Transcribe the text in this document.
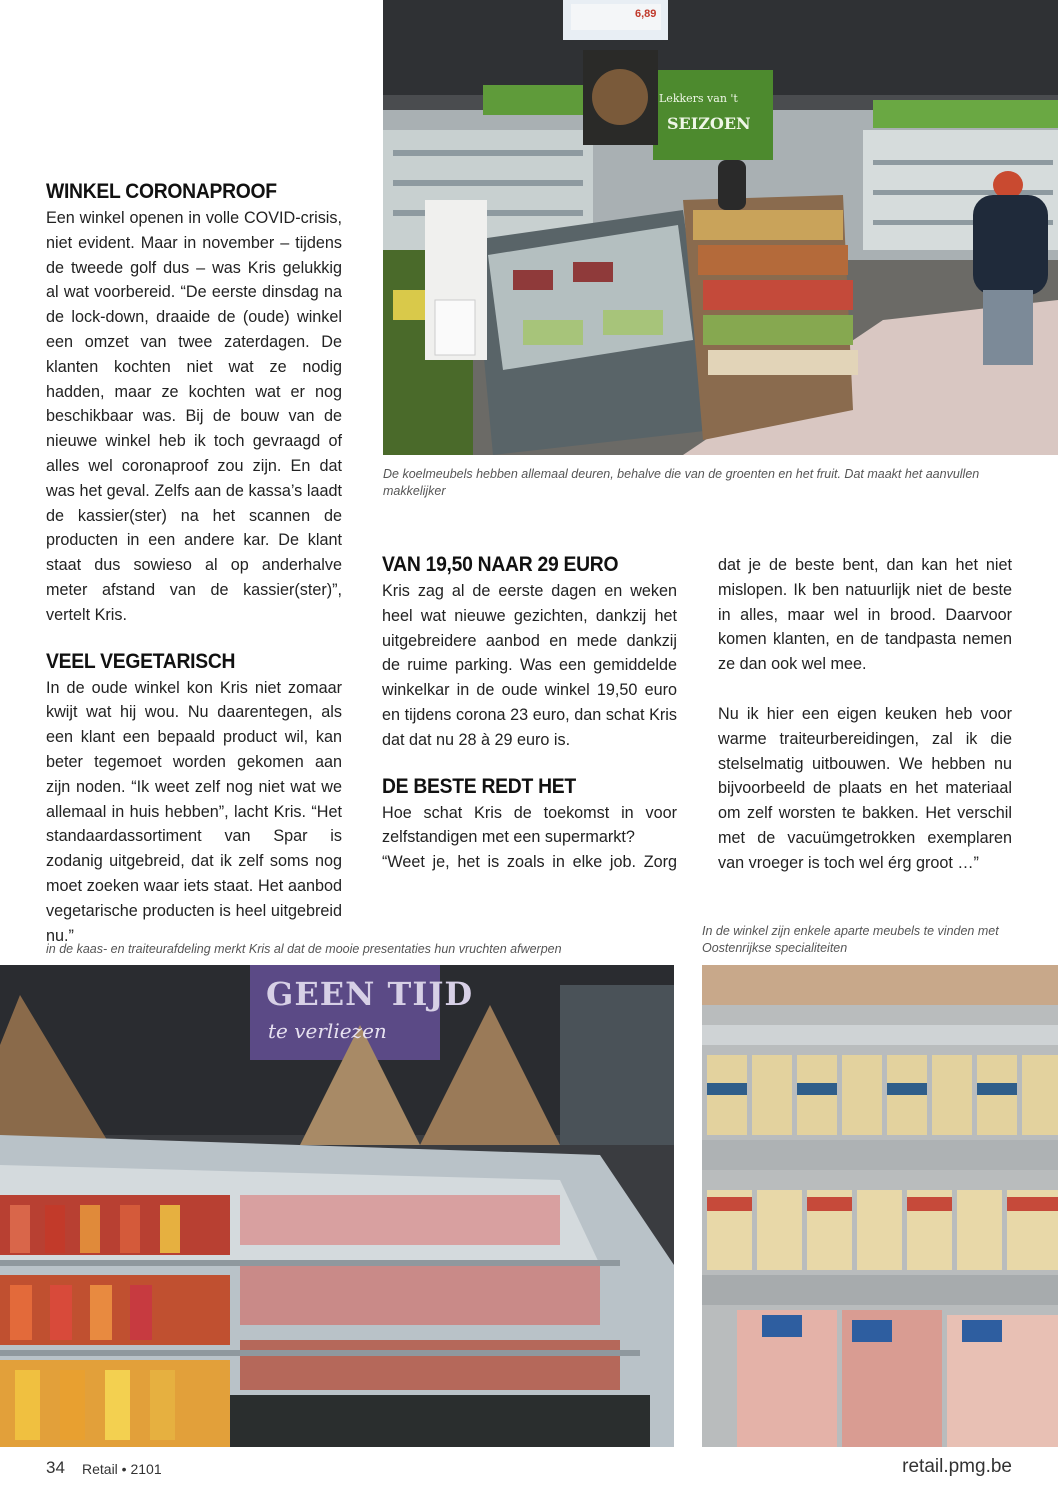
6,89
Lekkers van 't
SEIZOEN
De koelmeubels hebben allemaal deuren, behalve die van de groenten en het fruit. Dat maakt het aanvullen makkelijker
WINKEL CORONAPROOF

Een winkel openen in volle COVID-crisis, niet evident. Maar in november – tijdens de tweede golf dus – was Kris gelukkig al wat voorbereid. “De eerste dinsdag na de lock-down, draaide de (oude) winkel een omzet van twee zaterdagen. De klanten kochten niet wat ze nodig hadden, maar ze kochten wat er nog beschikbaar was. Bij de bouw van de nieuwe winkel heb ik toch gevraagd of alles wel coronaproof zou zijn. En dat was het geval. Zelfs aan de kassa’s laadt de kassier(ster) na het scannen de producten in een andere kar. De klant staat dus sowieso al op anderhalve meter afstand van de kassier(ster)”, vertelt Kris.

VEEL VEGETARISCH

In de oude winkel kon Kris niet zomaar kwijt wat hij wou. Nu daarentegen, als een klant een bepaald product wil, kan beter tegemoet worden gekomen aan zijn noden. “Ik weet zelf nog niet wat we allemaal in huis hebben”, lacht Kris. “Het standaardassortiment van Spar is zodanig uitgebreid, dat ik zelf soms nog moet zoeken waar iets staat. Het aanbod vegetarische producten is heel uitgebreid nu.”

VAN 19,50 NAAR 29 EURO

Kris zag al de eerste dagen en weken heel wat nieuwe gezichten, dankzij het uitgebreidere aanbod en mede dankzij de ruime parking. Was een gemiddelde winkelkar in de oude winkel 19,50 euro en tijdens corona 23 euro, dan schat Kris dat dat nu 28 à 29 euro is.

DE BESTE REDT HET

Hoe schat Kris de toekomst in voor zelfstandigen met een supermarkt?

“Weet je, het is zoals in elke job. Zorg

dat je de beste bent, dan kan het niet mislopen. Ik ben natuurlijk niet de beste in alles, maar wel in brood. Daarvoor komen klanten, en de tandpasta nemen ze dan ook wel mee.

Nu ik hier een eigen keuken heb voor warme traiteurbereidingen, zal ik die stelselmatig uitbouwen. We hebben nu bijvoorbeeld de plaats en het materiaal om zelf worsten te bakken. Het verschil met de vacuümgetrokken exemplaren van vroeger is toch wel érg groot …”

in de kaas- en traiteurafdeling merkt Kris al dat de mooie presentaties hun vruchten afwerpen
In de winkel zijn enkele aparte meubels te vinden met Oostenrijkse specialiteiten
GEEN TIJD
te verliezen
34 Retail • 2101	retail.pmg.be
